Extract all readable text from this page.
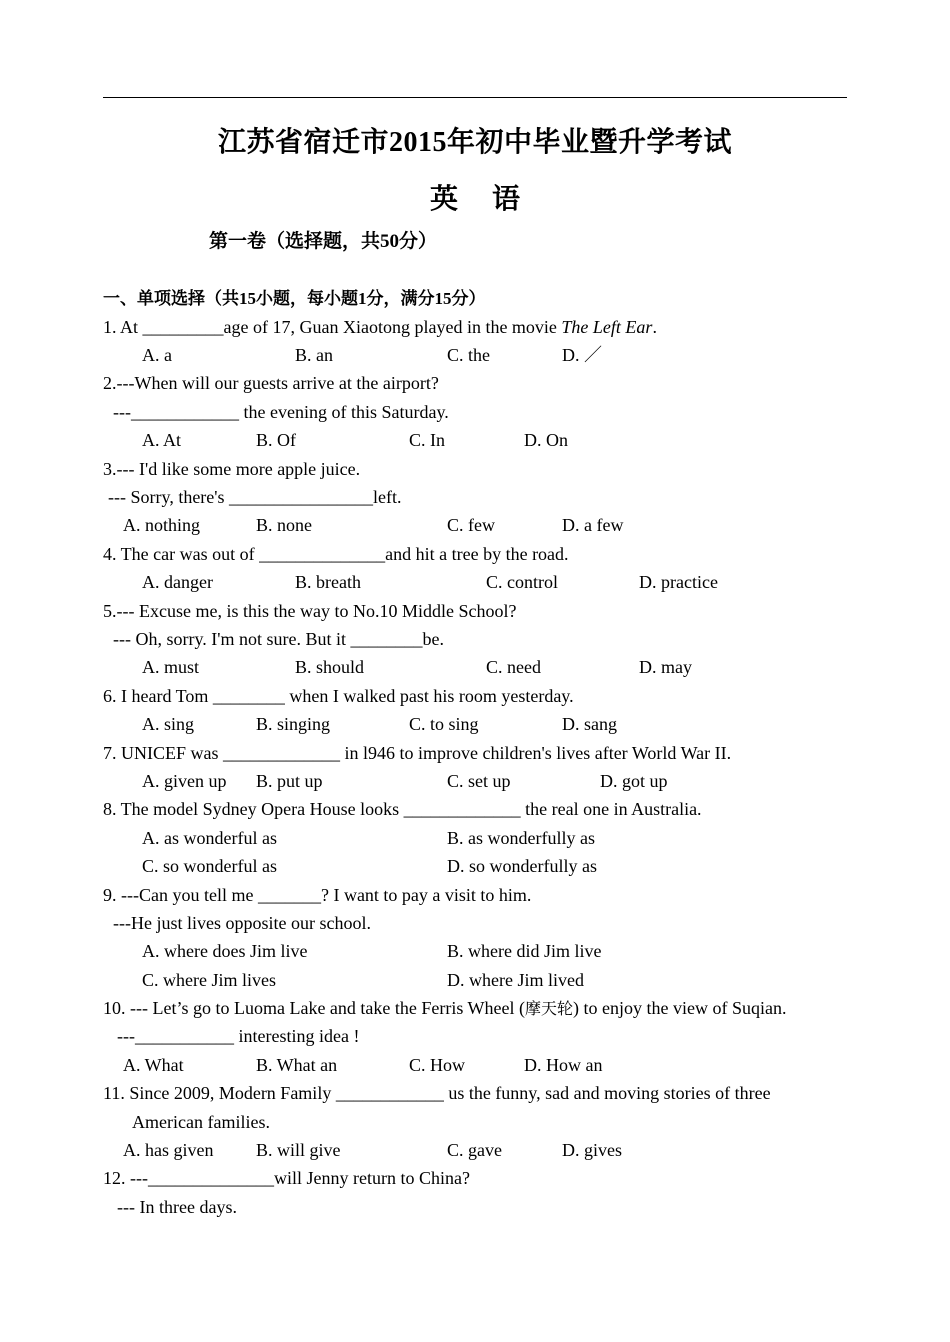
江苏省宿迁市2015年初中毕业暨升学考试
英 语
第一卷（选择题，共50分）
一、单项选择（共15小题，每小题1分，满分15分）
1. At _________age of 17, Guan Xiaotong played in the movie The Left Ear.
A. a	B. an	C. the	D. ／
2.---When will our guests arrive at the airport?
---____________ the evening of this Saturday.
A. At	B. Of	C. In	D. On
3.--- I'd like some more apple juice.
--- Sorry, there's ________________left.
A. nothing	B. none	C. few	D. a few
4. The car was out of ______________and hit a tree by the road.
A. danger	B. breath	C. control	D. practice
5.--- Excuse me, is this the way to No.10 Middle School?
--- Oh, sorry. I'm not sure. But it ________be.
A. must	B. should	C. need	D. may
6. I heard Tom ________ when I walked past his room yesterday.
A. sing	B. singing	C. to sing	D. sang
7. UNICEF was _____________ in l946 to improve children's lives after World War II.
A. given up B. put up	C. set up	D. got up
8. The model Sydney Opera House looks _____________ the real one in Australia.
A. as wonderful as	B. as wonderfully as
C. so wonderful as	D. so wonderfully as
9. ---Can you tell me _______? I want to pay a visit to him.
---He just lives opposite our school.
A. where does Jim live	B. where did Jim live
C. where Jim lives	D. where Jim lived
10. --- Let’s go to Luoma Lake and take the Ferris Wheel (摩天轮) to enjoy the view of Suqian.
---___________ interesting idea !
A. What	B. What an	C. How	D. How an
11. Since 2009, Modern Family ____________ us the funny, sad and moving stories of three
American families.
A. has given B. will give	C. gave	D. gives
12. ---______________will Jenny return to China?
--- In three days.
